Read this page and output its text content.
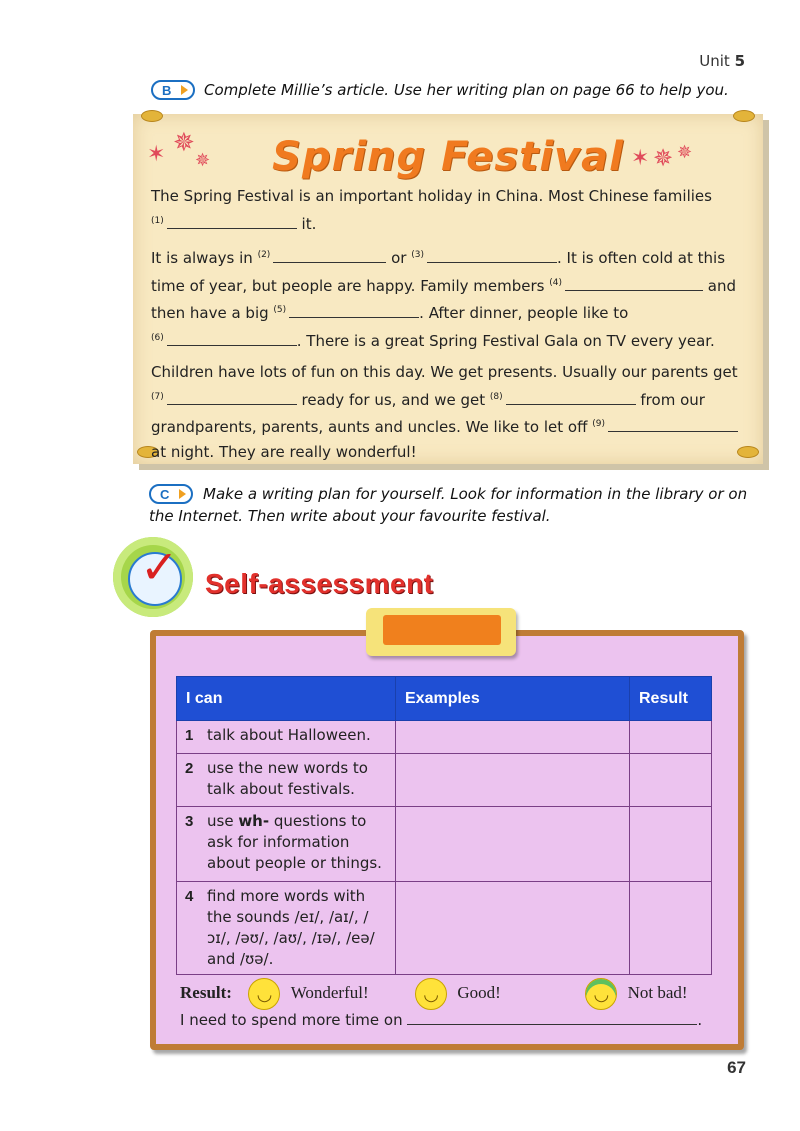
Unit 5
B Complete Millie’s article. Use her writing plan on page 66 to help you.
✶ ✵
✵	✶ ✵ ✵
Spring Festival

The Spring Festival is an important holiday in China. Most Chinese families
$^{(1)}$	it.

It is always in $^{(2)}$	or $^{(3)}$	. It is often cold at this time of year, but people are happy. Family members $^{(4)}$	and then have a big $^{(5)}$	. After dinner, people like to
$^{(6)}$	. There is a great Spring Festival Gala on TV every year.

Children have lots of fun on this day. We get presents. Usually our parents get
$^{(7)}$	ready for us, and we get $^{(8)}$	from our grandparents, parents, aunts and uncles. We like to let off $^{(9)}$ at night. They are really wonderful!

C	Make a writing plan for yourself. Look for information in the library or on the Internet. Then write about your favourite festival.
✓ Self-assessment
I can	Examples	Result
1 talk about Halloween.		
2 use the new words to talk about festivals.		
3 use wh- questions to ask for information about people or things.		
4 find more words with the sounds /eɪ/, /aɪ/, /ɔɪ/, /əʊ/, /aʊ/, /ɪə/, /eə/ and /ʊə/.		
Result: ◡ Wonderful!	◡ Good!	◡ Not bad!
I need to spend more time on	.
67
